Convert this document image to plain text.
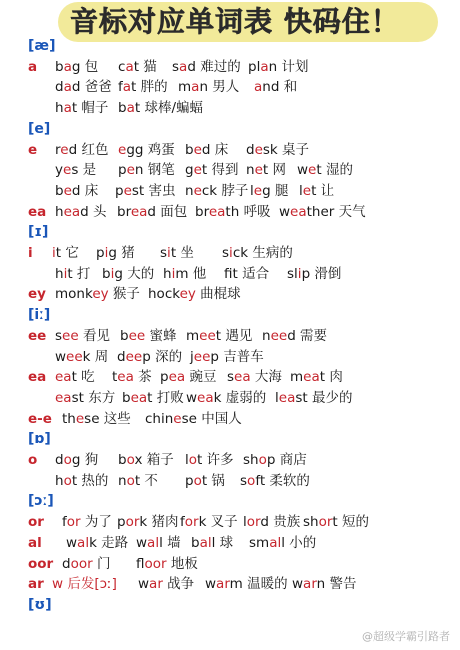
音标对应单词表 快码住！
[æ]
a bag 包 cat 猫 sad 难过的 plan 计划
dad 爸爸 fat 胖的 man 男人 and 和
hat 帽子 bat 球棒/蝙蝠
[e]
e red 红色 egg 鸡蛋 bed 床 desk 桌子
yes 是 pen 钢笔 get 得到 net 网 wet 湿的
bed 床 pest 害虫 neck 脖子 leg 腿 let 让
ea head 头 bread 面包 breath 呼吸 weather 天气
[ɪ]
i it 它 pig 猪 sit 坐 sick 生病的
hit 打 big 大的 him 他 ft 适合 slip 滑倒
ey monkey 猴子 hockey 曲棍球
[iː]
ee see 看见 bee 蜜蜂 meet 遇见 need 需要
week 周 deep 深的 jeep 吉普车
ea eat 吃 tea 茶 pea 豌豆 sea 大海 meat 肉
east 东方 beat 打败 weak 虚弱的 least 最少的
e-e these 这些 chinese 中国人
[ɒ]
o dog 狗 box 箱子 lot 许多 shop 商店
hot 热的 not 不 pot 锅 soft 柔软的
[ɔː]
or for 为了 pork 猪肉 fork 叉子 lord 贵族 short 短的
al walk 走路 wall 墙 ball 球 small 小的
oor door 门 floor 地板
ar w 后发[ɔː] war 战争 warm 温暖的 warn 警告
[ʊ]
@超级学霸引路者
